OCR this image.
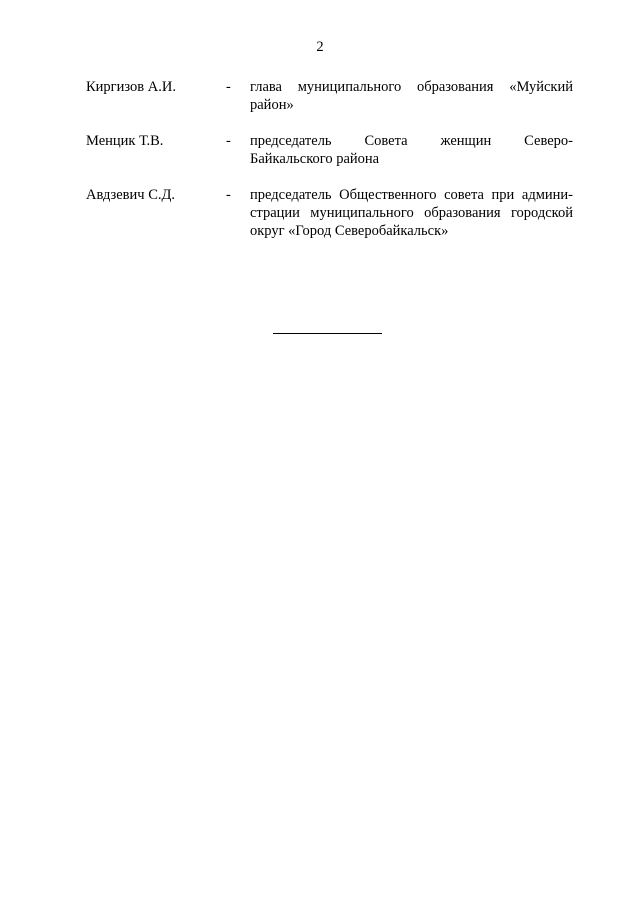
2
Киргизов А.И.	- глава муниципального образования «Муйский
район»
Менцик Т.В.	- председатель Совета женщин Северо-
Байкальского района
Авдзевич С.Д.	- председатель Общественного совета при админи-
страции муниципального образования городской
округ «Город Северобайкальск»
